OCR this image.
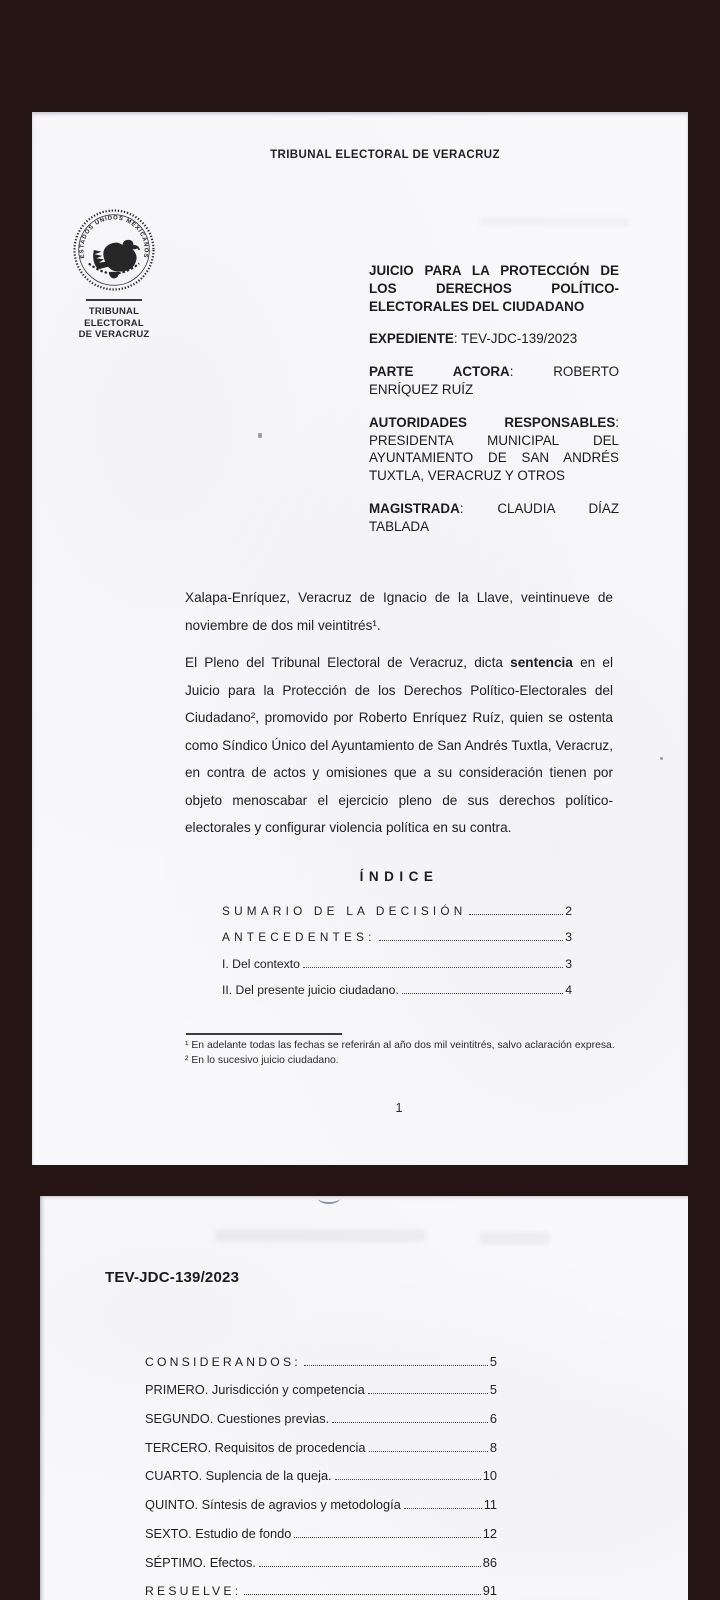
TRIBUNAL ELECTORAL DE VERACRUZ
ESTADOS UNIDOS MEXICANOS
TRIBUNAL ELECTORAL
DE VERACRUZ

JUICIO PARA LA PROTECCIÓN DE LOS DERECHOS POLÍTICO-ELECTORALES DEL CIUDADANO

EXPEDIENTE: TEV-JDC-139/2023

PARTE ACTORA: ROBERTO ENRÍQUEZ RUÍZ

AUTORIDADES RESPONSABLES: PRESIDENTA MUNICIPAL DEL AYUNTAMIENTO DE SAN ANDRÉS TUXTLA, VERACRUZ Y OTROS

MAGISTRADA: CLAUDIA DÍAZ TABLADA

Xalapa-Enríquez, Veracruz de Ignacio de la Llave, veintinueve de noviembre de dos mil veintitrés¹.

El Pleno del Tribunal Electoral de Veracruz, dicta sentencia en el Juicio para la Protección de los Derechos Político-Electorales del Ciudadano², promovido por Roberto Enríquez Ruíz, quien se ostenta como Síndico Único del Ayuntamiento de San Andrés Tuxtla, Veracruz, en contra de actos y omisiones que a su consideración tienen por objeto menoscabar el ejercicio pleno de sus derechos político-electorales y configurar violencia política en su contra.

ÍNDICE
SUMARIO DE LA DECISIÓN	2
ANTECEDENTES:	3
I. Del contexto	3
II. Del presente juicio ciudadano.	4

¹ En adelante todas las fechas se referirán al año dos mil veintitrés, salvo aclaración expresa.

² En lo sucesivo juicio ciudadano.

1
TEV-JDC-139/2023
CONSIDERANDOS:	5
PRIMERO. Jurisdicción y competencia	5
SEGUNDO. Cuestiones previas.	6
TERCERO. Requisitos de procedencia	8
CUARTO. Suplencia de la queja.	10
QUINTO. Síntesis de agravios y metodología	11
SEXTO. Estudio de fondo	12
SÉPTIMO. Efectos.	86
RESUELVE:	91
